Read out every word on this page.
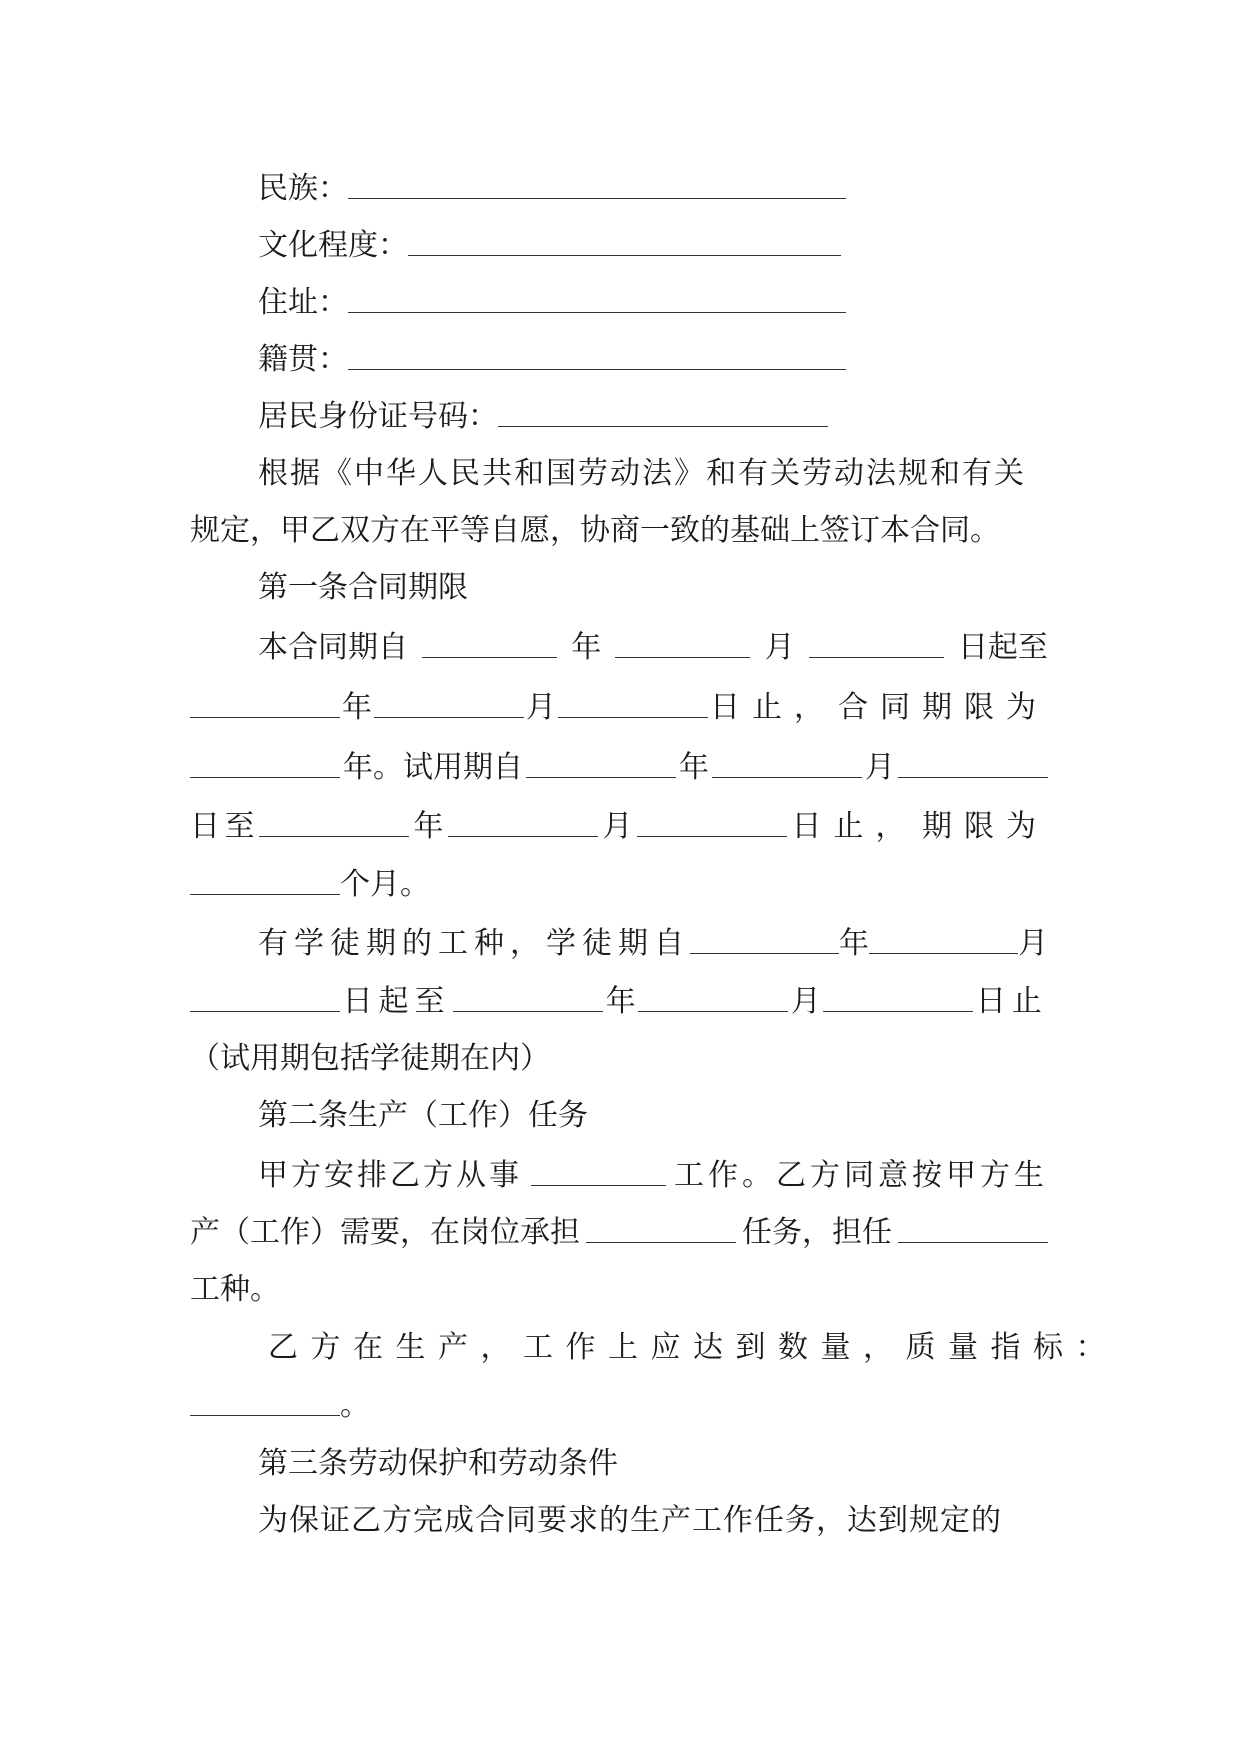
民族：
文化程度：
住址：
籍贯：
居民身份证号码：
根据《中华人民共和国劳动法》和有关劳动法规和有关
规定，甲乙双方在平等自愿，协商一致的基础上签订本合同。
第一条合同期限
本合同期自	年	月	日起至
年	月	日止， 合同期限为
年。试用期自	年	月
日 至	年	月	日止， 期限为
个月。
有学徒期的工种，学徒期自	年	月
日起至	年	月	日止
（试用期包括学徒期在内）
第二条生产（工作）任务
甲方安排乙方从事	工作。乙方同意按甲方生
产（工作）需要，在岗位承担	任务，担任
工种。
乙方在生产，工作上应达到数量，质量指标：
。
第三条劳动保护和劳动条件
为保证乙方完成合同要求的生产工作任务，达到规定的
